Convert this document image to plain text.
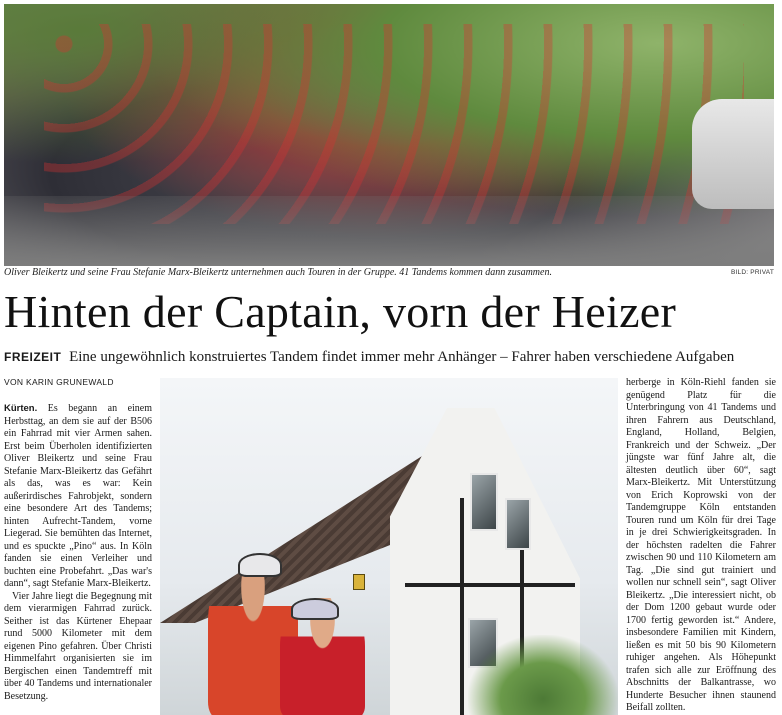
Oliver Bleikertz und seine Frau Stefanie Marx-Bleikertz unternehmen auch Touren in der Gruppe. 41 Tandems kommen dann zusammen.	BILD: PRIVAT
Hinten der Captain, vorn der Heizer
FREIZEIT Eine ungewöhnlich konstruiertes Tandem findet immer mehr Anhänger – Fahrer haben verschiedene Aufgaben
VON KARIN GRUNEWALD

Kürten. Es begann an einem Herbsttag, an dem sie auf der B506 ein Fahrrad mit vier Armen sahen. Erst beim Überholen identifizierten Oliver Bleikertz und seine Frau Stefanie Marx-Bleikertz das Gefährt als das, was es war: Kein außerirdisches Fahrobjekt, sondern eine besondere Art des Tandems; hinten Aufrecht-Tandem, vorne Liegerad. Sie bemühten das Internet, und es spuckte „Pino“ aus. In Köln fanden sie einen Verleiher und buchten eine Probefahrt. „Das war's dann“, sagt Stefanie Marx-Bleikertz.

Vier Jahre liegt die Begegnung mit dem vierarmigen Fahrrad zurück. Seither ist das Kürtener Ehepaar rund 5000 Kilometer mit dem eigenen Pino gefahren. Über Christi Himmelfahrt organisierten sie im Bergischen einen Tandemtreff mit über 40 Tandems und internationaler Besetzung.

herberge in Köln-Riehl fanden sie genügend Platz für die Unterbringung von 41 Tandems und ihren Fahrern aus Deutschland, England, Holland, Belgien, Frankreich und der Schweiz. „Der jüngste war fünf Jahre alt, die ältesten deutlich über 60“, sagt Marx-Bleikertz. Mit Unterstützung von Erich Koprowski von der Tandemgruppe Köln entstanden Touren rund um Köln für drei Tage in je drei Schwierigkeitsgraden. In der höchsten radelten die Fahrer zwischen 90 und 110 Kilometern am Tag. „Die sind gut trainiert und wollen nur schnell sein“, sagt Oliver Bleikertz. „Die interessiert nicht, ob der Dom 1200 gebaut wurde oder 1700 fertig geworden ist.“ Andere, insbesondere Familien mit Kindern, ließen es mit 50 bis 90 Kilometern ruhiger angehen. Als Höhepunkt trafen sich alle zur Eröffnung des Abschnitts der Balkantrasse, wo Hunderte Besucher ihnen staunend Beifall zollten.
